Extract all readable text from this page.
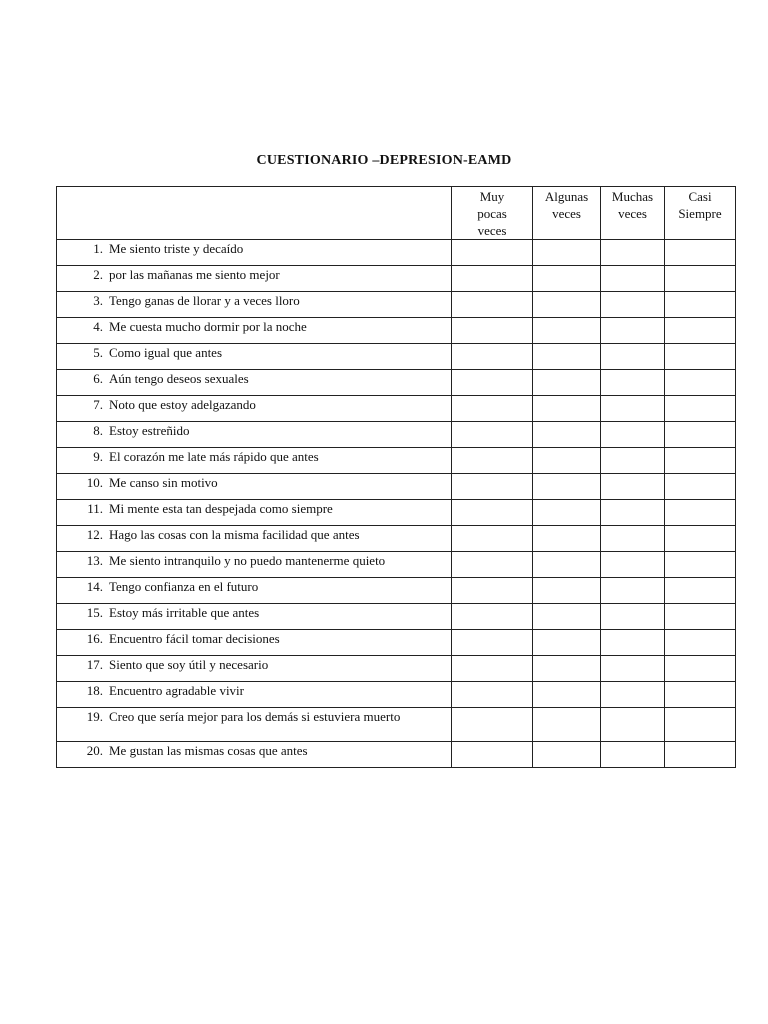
CUESTIONARIO –DEPRESION-EAMD
	Muy
pocas
veces	Algunas
veces	Muchas
veces	Casi
Siempre
1. Me siento triste y decaído				
2. por las mañanas me siento mejor				
3. Tengo ganas de llorar y a veces lloro				
4. Me cuesta mucho dormir por la noche				
5. Como igual que antes				
6. Aún tengo deseos sexuales				
7. Noto que estoy adelgazando				
8. Estoy estreñido				
9. El corazón me late más rápido que antes				
10. Me canso sin motivo				
11. Mi mente esta tan despejada como siempre				
12. Hago las cosas con la misma facilidad que antes				
13. Me siento intranquilo y no puedo mantenerme quieto				
14. Tengo confianza en el futuro				
15. Estoy más irritable que antes				
16. Encuentro fácil tomar decisiones				
17. Siento que soy útil y necesario				
18. Encuentro agradable vivir				

19. Creo que sería mejor para los demás si estuviera muerto				

20. Me gustan las mismas cosas que antes				
